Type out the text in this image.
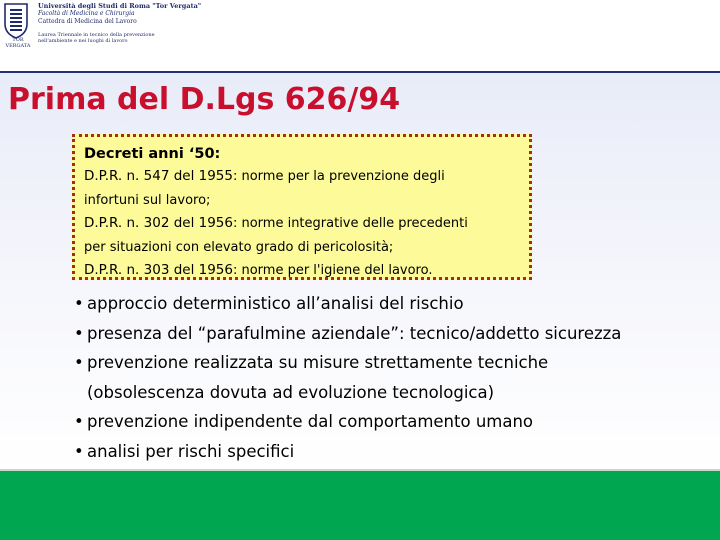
TOR VERGATA
Università degli Studi di Roma "Tor Vergata"
Facoltà di Medicina e Chirurgia
Cattedra di Medicina del Lavoro
Laurea Triennale in tecnico della prevenzione
nell'ambiente e nei luoghi di lavoro
Prima del D.Lgs 626/94
Decreti anni ‘50:
D.P.R. n. 547 del 1955: norme per la prevenzione degli
infortuni sul lavoro;
D.P.R. n. 302 del 1956: norme integrative delle precedenti
per situazioni con elevato grado di pericolosità;
D.P.R. n. 303 del 1956: norme per l'igiene del lavoro.
• approccio deterministico all’analisi del rischio
• presenza del “parafulmine aziendale”: tecnico/addetto sicurezza
• prevenzione realizzata su misure strettamente tecniche
(obsolescenza dovuta ad evoluzione tecnologica)
• prevenzione indipendente dal comportamento umano
• analisi per rischi specifici
